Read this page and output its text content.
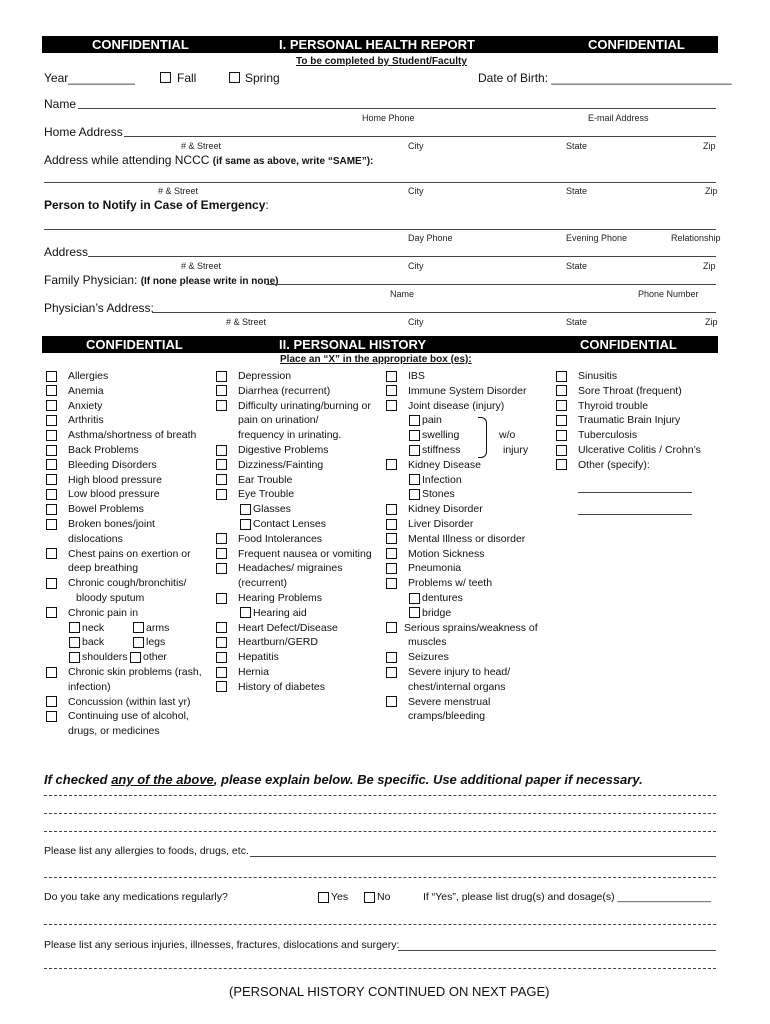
CONFIDENTIAL	I. PERSONAL HEALTH REPORT	CONFIDENTIAL
To be completed by Student/Faculty
Year__________	Fall	Spring	Date of Birth: ___________________________
Name
Home Phone	E-mail Address
Home Address
# & Street	City	State	Zip
Address while attending NCCC (if same as above, write “SAME”):
# & Street	City	State	Zip
Person to Notify in Case of Emergency:
Day Phone	Evening Phone	Relationship
Address
# & Street	City	State	Zip
Family Physician: (If none please write in none)
Name	Phone Number
Physician’s Address:
# & Street	City	State	Zip
CONFIDENTIAL	II. PERSONAL HISTORY	CONFIDENTIAL
Place an “X” in the appropriate box (es):
Allergies
Anemia
Anxiety
Arthritis
Asthma/shortness of breath
Back Problems
Bleeding Disorders
High blood pressure
Low blood pressure
Bowel Problems
Broken bones/joint
dislocations
Chest pains on exertion or
deep breathing
Chronic cough/bronchitis/
bloody sputum
Chronic pain in
neck	arms
back	legs
shoulders other
Chronic skin problems (rash,
infection)
Concussion (within last yr)
Continuing use of alcohol,
drugs, or medicines
Depression
Diarrhea (recurrent)
Difficulty urinating/burning or
pain on urination/
frequency in urinating.
Digestive Problems
Dizziness/Fainting
Ear Trouble
Eye Trouble
Glasses
Contact Lenses
Food Intolerances
Frequent nausea or vomiting
Headaches/ migraines
(recurrent)
Hearing Problems
Hearing aid
Heart Defect/Disease
Heartburn/GERD
Hepatitis
Hernia
History of diabetes
IBS
Immune System Disorder
Joint disease (injury)
pain
swelling
stiffness
w/o
injury
Kidney Disease
Infection
Stones
Kidney Disorder
Liver Disorder
Mental Illness or disorder
Motion Sickness
Pneumonia
Problems w/ teeth
dentures
bridge
Serious sprains/weakness of
muscles
Seizures
Severe injury to head/
chest/internal organs
Severe menstrual
cramps/bleeding
Sinusitis
Sore Throat (frequent)
Thyroid trouble
Traumatic Brain Injury
Tuberculosis
Ulcerative Colitis / Crohn’s
Other (specify):
If checked any of the above, please explain below. Be specific. Use additional paper if necessary.
Please list any allergies to foods, drugs, etc.
Do you take any medications regularly?	Yes	No	If “Yes”, please list drug(s) and dosage(s) ________________
Please list any serious injuries, illnesses, fractures, dislocations and surgery:
(PERSONAL HISTORY CONTINUED ON NEXT PAGE)
